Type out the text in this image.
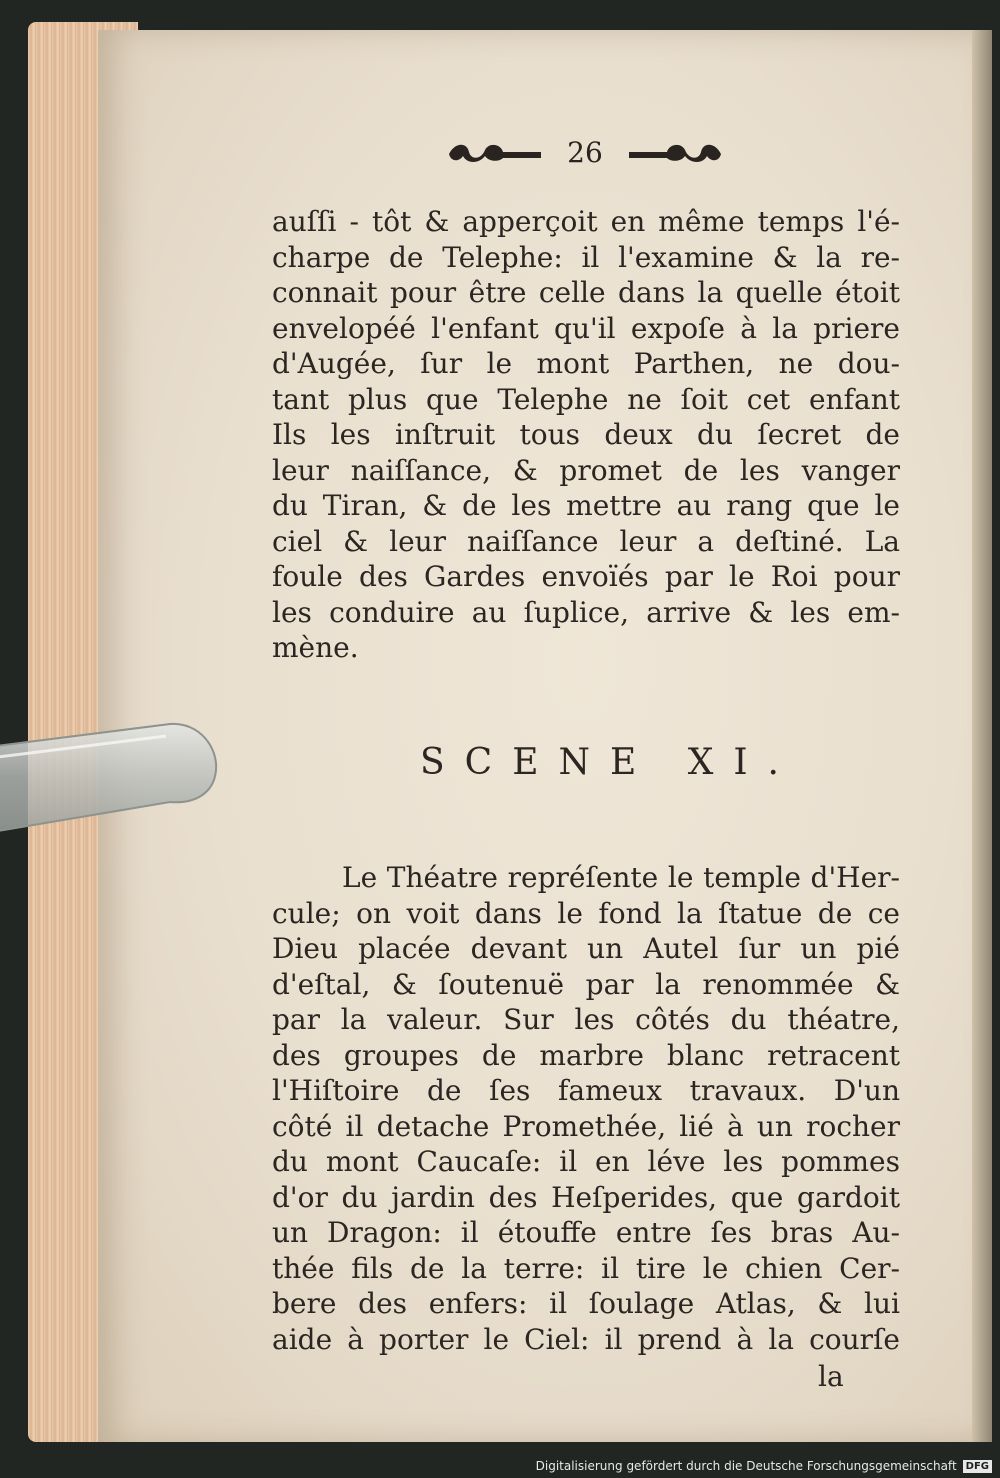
26
auſſi - tôt & apperçoit en même temps l'é-
charpe de Telephe: il l'examine & la re-
connait pour être celle dans la quelle étoit
envelopéé l'enfant qu'il expoſe à la priere
d'Augée, ſur le mont Parthen, ne dou-
tant plus que Telephe ne ſoit cet enfant
Ils les inſtruit tous deux du ſecret de
leur naiſſance, & promet de les vanger
du Tiran, & de les mettre au rang que le
ciel & leur naiſſance leur a deſtiné. La
foule des Gardes envoïés par le Roi pour
les conduire au ſuplice, arrive & les em-
mène.
SCENE XI.
Le Théatre repréſente le temple d'Her-
cule; on voit dans le fond la ſtatue de ce
Dieu placée devant un Autel ſur un pié
d'eſtal, & ſoutenuë par la renommée &
par la valeur. Sur les côtés du théatre,
des groupes de marbre blanc retracent
l'Hiſtoire de ſes fameux travaux. D'un
côté il detache Promethée, lié à un rocher
du mont Caucaſe: il en léve les pommes
d'or du jardin des Heſperides, que gardoit
un Dragon: il étouffe entre ſes bras Au-
thée fils de la terre: il tire le chien Cer-
bere des enfers: il ſoulage Atlas, & lui
aide à porter le Ciel: il prend à la courſe
la
Digitalisierung gefördert durch die Deutsche Forschungsgemeinschaft DFG
